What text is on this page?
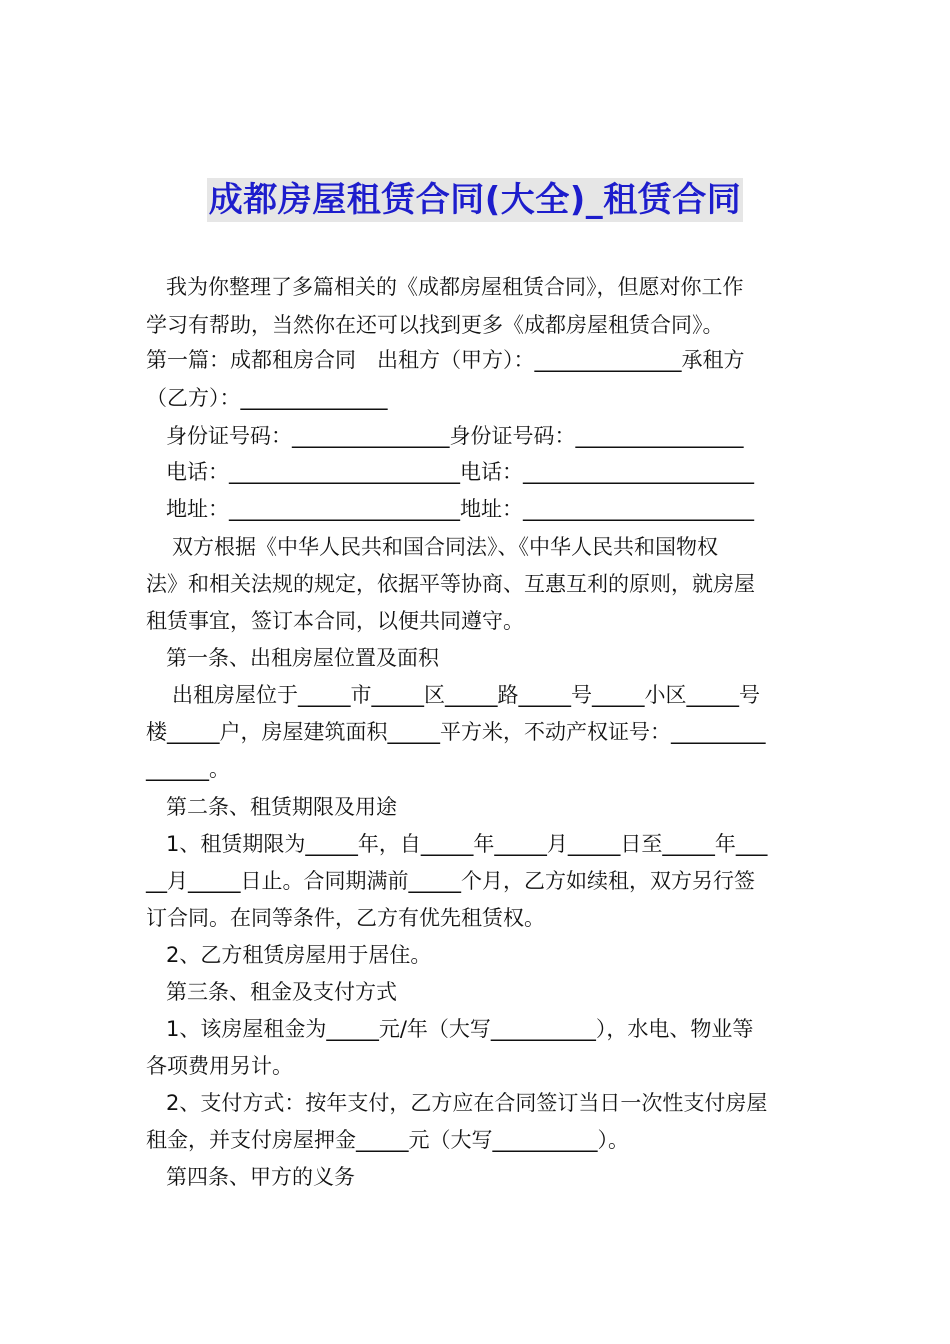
成都房屋租赁合同(大全)_租赁合同

我为你整理了多篇相关的《成都房屋租赁合同》，但愿对你工作

学习有帮助，当然你在还可以找到更多《成都房屋租赁合同》。

第一篇：成都租房合同　出租方（甲方）：______________承租方

（乙方）：______________

身份证号码：_______________身份证号码：________________

电话：______________________电话：______________________

地址：______________________地址：______________________

双方根据《中华人民共和国合同法》、《中华人民共和国物权

法》和相关法规的规定，依据平等协商、互惠互利的原则，就房屋

租赁事宜，签订本合同，以便共同遵守。

第一条、出租房屋位置及面积

出租房屋位于_____市_____区_____路_____号_____小区_____号

楼_____户，房屋建筑面积_____平方米，不动产权证号：_________

______。

第二条、租赁期限及用途

1、租赁期限为_____年，自_____年_____月_____日至_____年___

__月_____日止。合同期满前_____个月，乙方如续租，双方另行签

订合同。在同等条件，乙方有优先租赁权。

2、乙方租赁房屋用于居住。

第三条、租金及支付方式

1、该房屋租金为_____元/年（大写__________），水电、物业等

各项费用另计。

2、支付方式：按年支付，乙方应在合同签订当日一次性支付房屋

租金，并支付房屋押金_____元（大写__________）。

第四条、甲方的义务
